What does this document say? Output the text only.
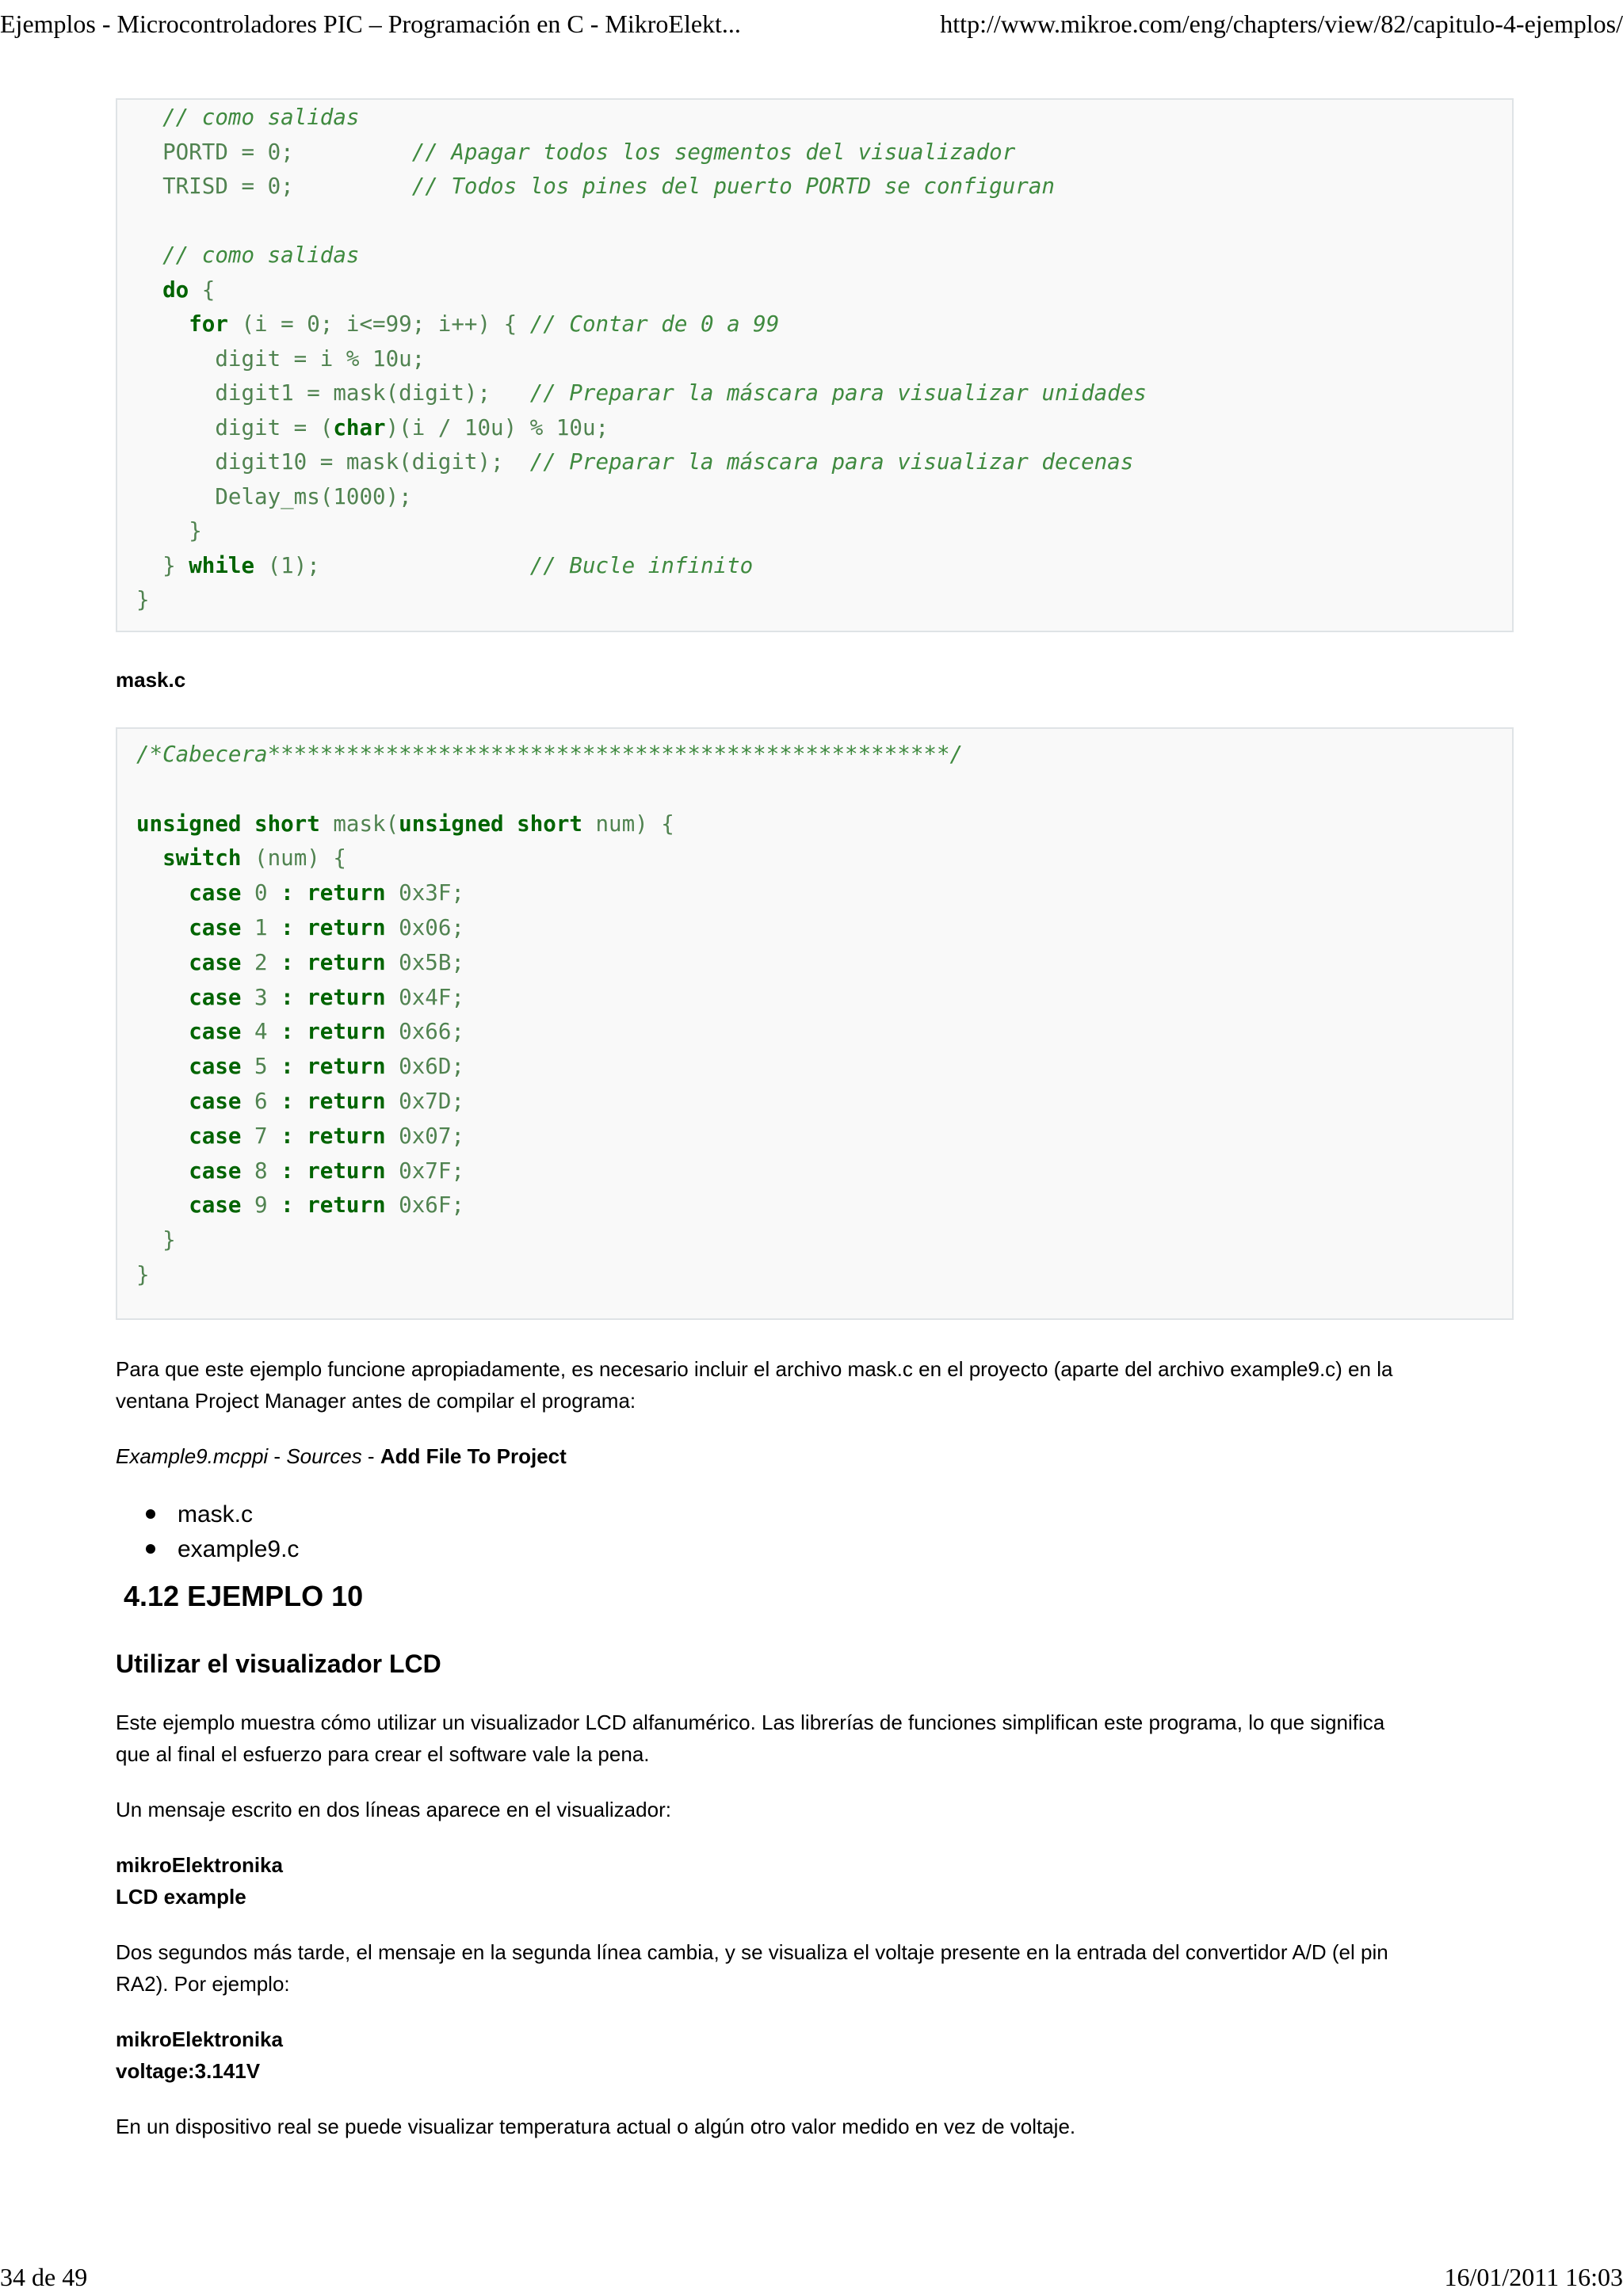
Ejemplos - Microcontroladores PIC – Programación en C - MikroElekt...	http://www.mikroe.com/eng/chapters/view/82/capitulo-4-ejemplos/
// como salidas
PORTD = 0;         // Apagar todos los segmentos del visualizador
TRISD = 0;         // Todos los pines del puerto PORTD se configuran
// como salidas
do {
for (i = 0; i<=99; i++) { // Contar de 0 a 99
digit = i % 10u;
digit1 = mask(digit);   // Preparar la máscara para visualizar unidades
digit = (char)(i / 10u) % 10u;
digit10 = mask(digit);  // Preparar la máscara para visualizar decenas
Delay_ms(1000);
}
} while (1);                // Bucle infinito
}
mask.c
/*Cabecera****************************************************/
unsigned short mask(unsigned short num) {
switch (num) {
case 0 : return 0x3F;
case 1 : return 0x06;
case 2 : return 0x5B;
case 3 : return 0x4F;
case 4 : return 0x66;
case 5 : return 0x6D;
case 6 : return 0x7D;
case 7 : return 0x07;
case 8 : return 0x7F;
case 9 : return 0x6F;
}
}
Para que este ejemplo funcione apropiadamente, es necesario incluir el archivo mask.c en el proyecto (aparte del archivo example9.c) en la
ventana Project Manager antes de compilar el programa:
Example9.mcppi - Sources - Add File To Project
mask.c
example9.c
4.12 EJEMPLO 10
Utilizar el visualizador LCD
Este ejemplo muestra cómo utilizar un visualizador LCD alfanumérico. Las librerías de funciones simplifican este programa, lo que significa
que al final el esfuerzo para crear el software vale la pena.
Un mensaje escrito en dos líneas aparece en el visualizador:
mikroElektronika
LCD example
Dos segundos más tarde, el mensaje en la segunda línea cambia, y se visualiza el voltaje presente en la entrada del convertidor A/D (el pin
RA2). Por ejemplo:
mikroElektronika
voltage:3.141V
En un dispositivo real se puede visualizar temperatura actual o algún otro valor medido en vez de voltaje.
34 de 49	16/01/2011 16:03
